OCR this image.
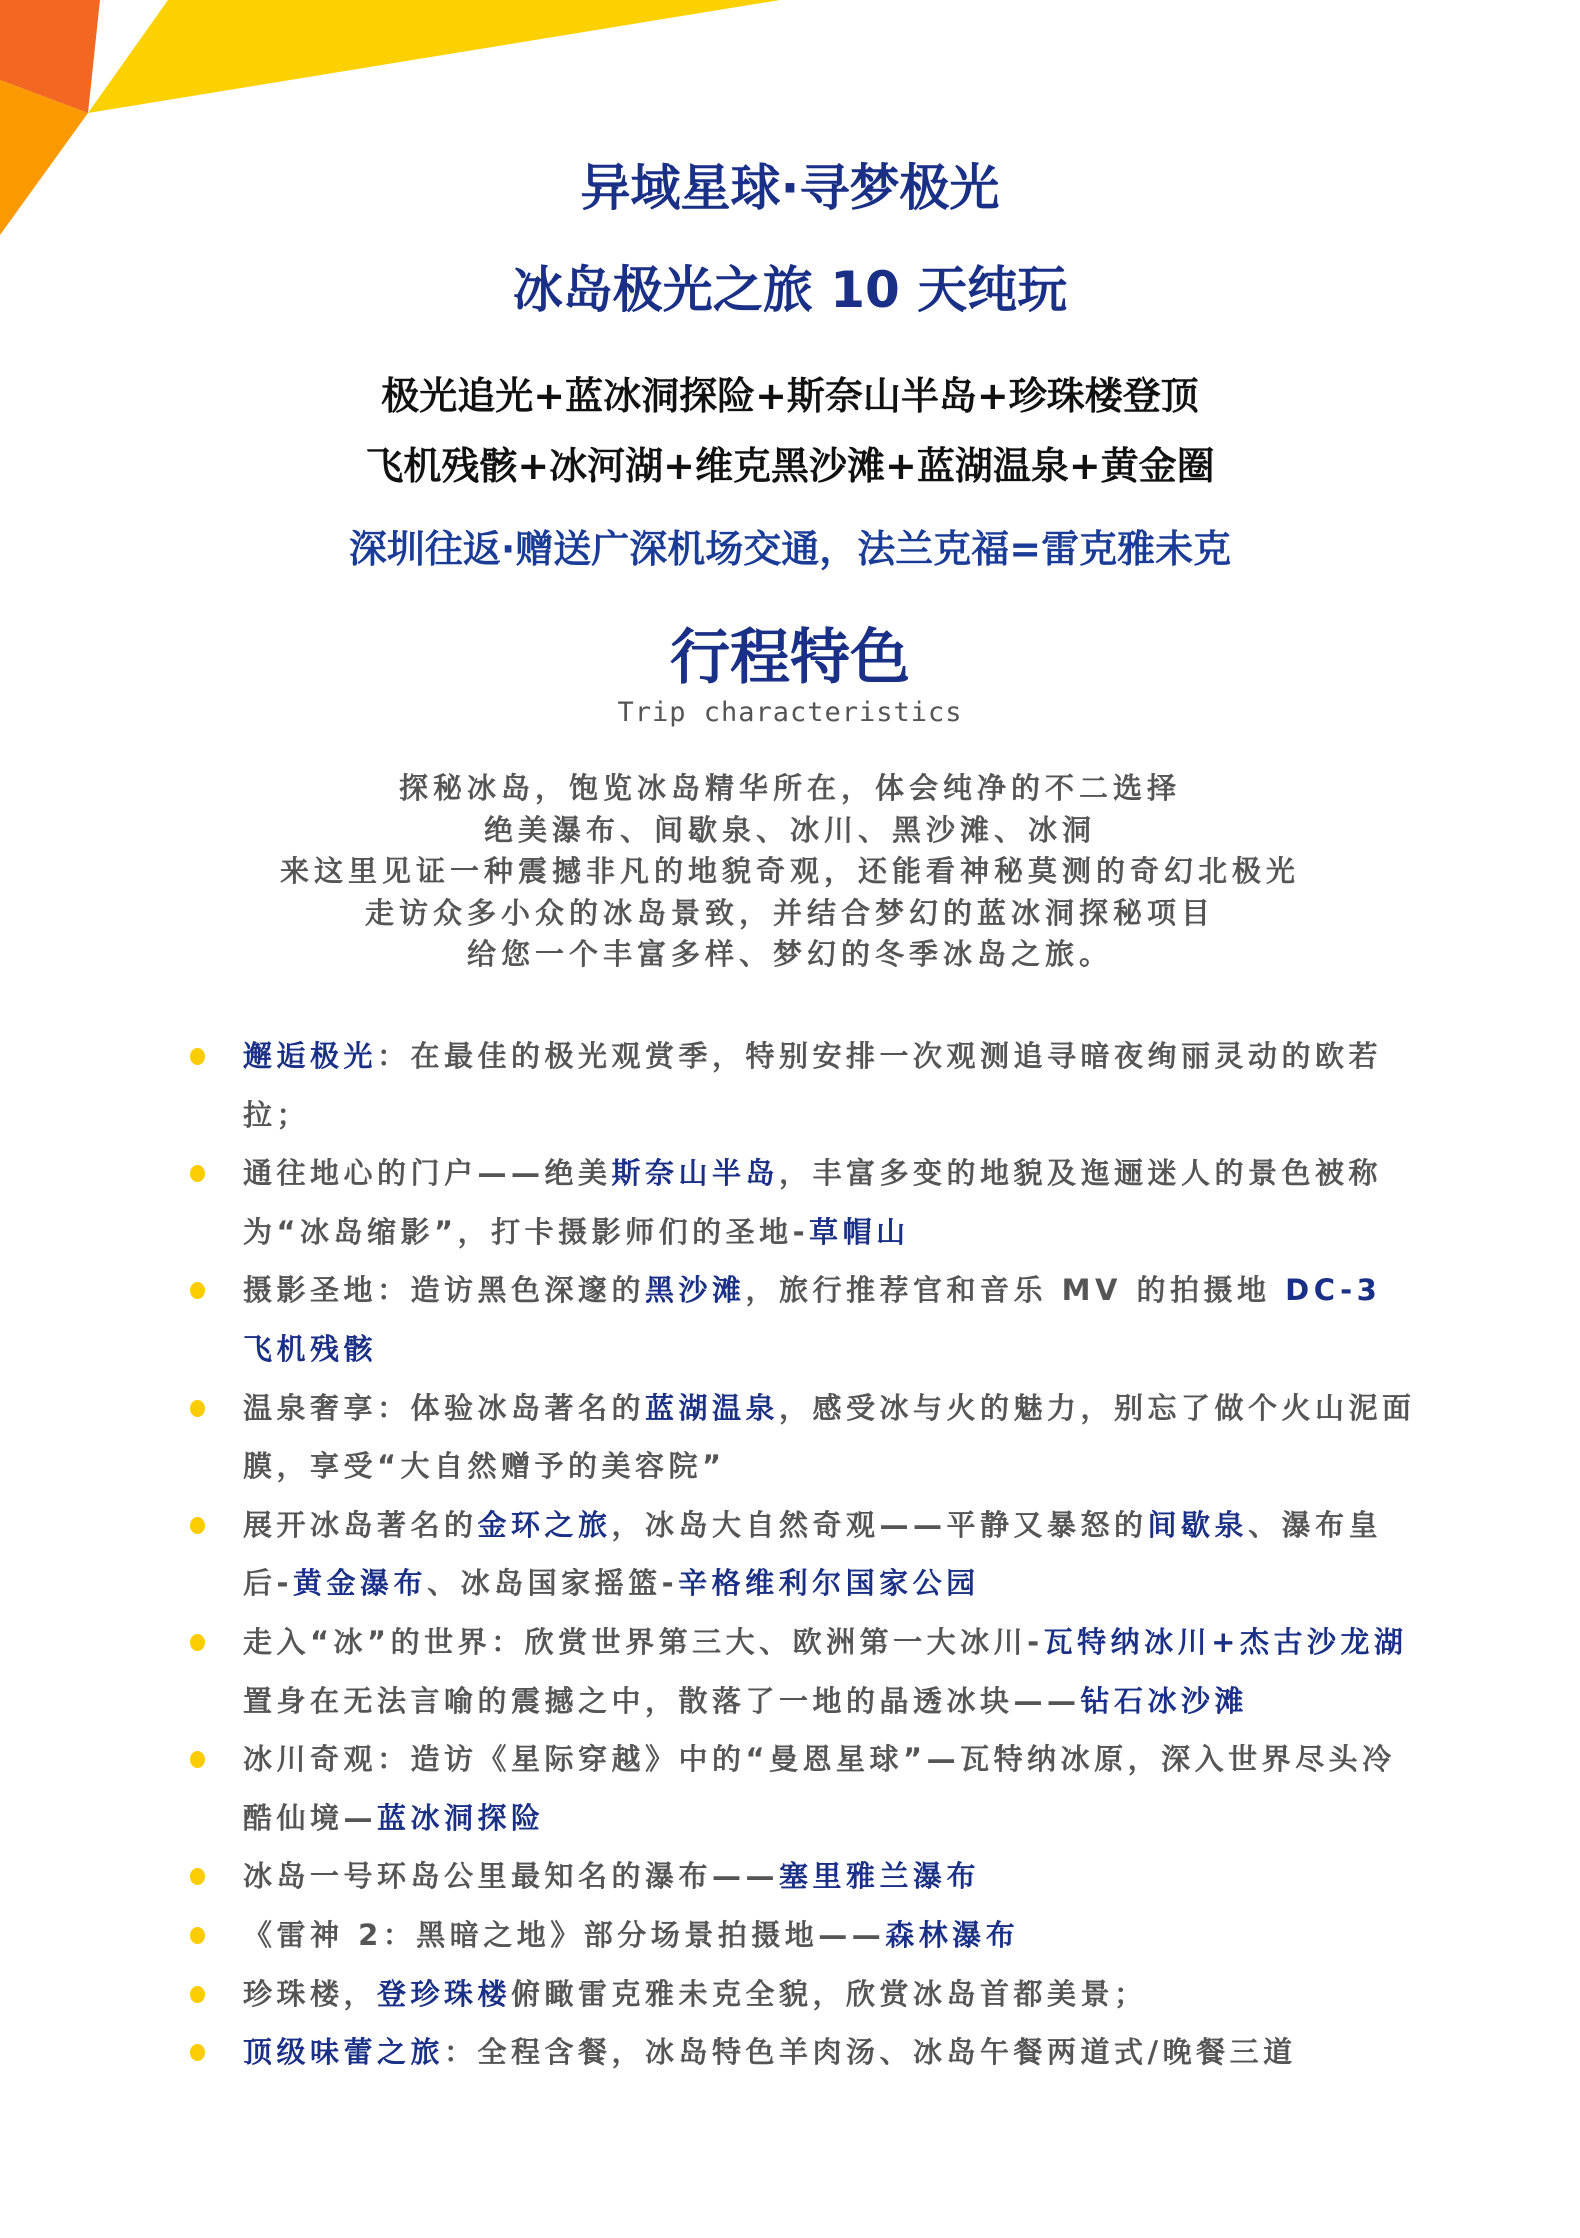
异域星球·寻梦极光
冰岛极光之旅 10 天纯玩
极光追光+蓝冰洞探险+斯奈山半岛+珍珠楼登顶
飞机残骸+冰河湖+维克黑沙滩+蓝湖温泉+黄金圈
深圳往返·赠送广深机场交通，法兰克福=雷克雅未克
行程特色
Trip characteristics
探秘冰岛，饱览冰岛精华所在，体会纯净的不二选择
绝美瀑布、间歇泉、冰川、黑沙滩、冰洞
来这里见证一种震撼非凡的地貌奇观，还能看神秘莫测的奇幻北极光
走访众多小众的冰岛景致，并结合梦幻的蓝冰洞探秘项目
给您一个丰富多样、梦幻的冬季冰岛之旅。
邂逅极光：在最佳的极光观赏季，特别安排一次观测追寻暗夜绚丽灵动的欧若拉；
通往地心的门户——绝美斯奈山半岛，丰富多变的地貌及迤逦迷人的景色被称为“冰岛缩影”，打卡摄影师们的圣地-草帽山
摄影圣地：造访黑色深邃的黑沙滩，旅行推荐官和音乐 MV 的拍摄地 DC-3 飞机残骸
温泉奢享：体验冰岛著名的蓝湖温泉，感受冰与火的魅力，别忘了做个火山泥面膜，享受“大自然赠予的美容院”
展开冰岛著名的金环之旅，冰岛大自然奇观——平静又暴怒的间歇泉、瀑布皇后-黄金瀑布、冰岛国家摇篮-辛格维利尔国家公园
走入“冰”的世界：欣赏世界第三大、欧洲第一大冰川-瓦特纳冰川+杰古沙龙湖置身在无法言喻的震撼之中，散落了一地的晶透冰块——钻石冰沙滩
冰川奇观：造访《星际穿越》中的“曼恩星球”—瓦特纳冰原，深入世界尽头冷酷仙境—蓝冰洞探险
冰岛一号环岛公里最知名的瀑布——塞里雅兰瀑布
《雷神 2：黑暗之地》部分场景拍摄地——森林瀑布
珍珠楼，登珍珠楼俯瞰雷克雅未克全貌，欣赏冰岛首都美景；
顶级味蕾之旅：全程含餐，冰岛特色羊肉汤、冰岛午餐两道式/晚餐三道
